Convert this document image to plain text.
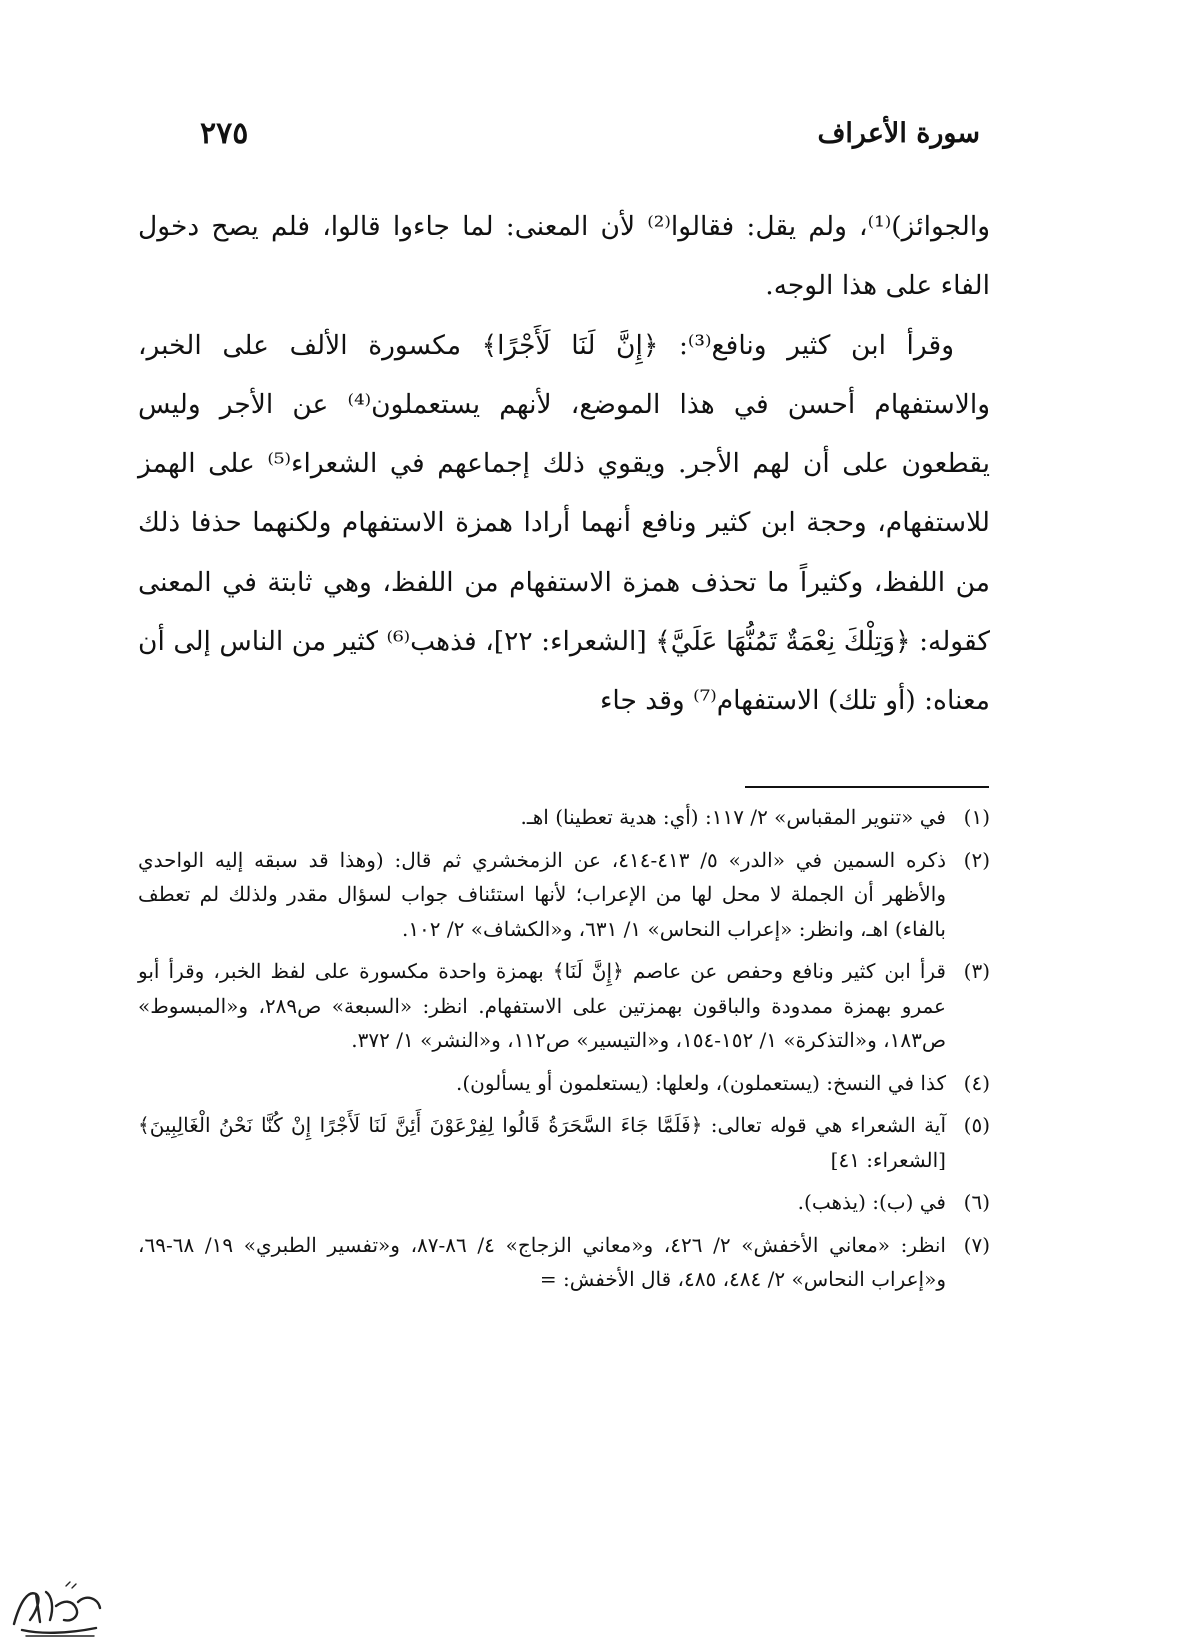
سورة الأعراف
٢٧٥

والجوائز)⁽¹⁾، ولم يقل: فقالوا⁽²⁾ لأن المعنى: لما جاءوا قالوا، فلم يصح دخول الفاء على هذا الوجه.

وقرأ ابن كثير ونافع⁽³⁾: ﴿إِنَّ لَنَا لَأَجْرًا﴾ مكسورة الألف على الخبر، والاستفهام أحسن في هذا الموضع، لأنهم يستعملون⁽⁴⁾ عن الأجر وليس يقطعون على أن لهم الأجر. ويقوي ذلك إجماعهم في الشعراء⁽⁵⁾ على الهمز للاستفهام، وحجة ابن كثير ونافع أنهما أرادا همزة الاستفهام ولكنهما حذفا ذلك من اللفظ، وكثيراً ما تحذف همزة الاستفهام من اللفظ، وهي ثابتة في المعنى كقوله: ﴿وَتِلْكَ نِعْمَةٌ تَمُنُّهَا عَلَيَّ﴾ [الشعراء: ٢٢]، فذهب⁽⁶⁾ كثير من الناس إلى أن معناه: (أو تلك) الاستفهام⁽⁷⁾ وقد جاء

(١)
في «تنوير المقباس» ٢/ ١١٧: (أي: هدية تعطينا) اهـ.
(٢)
ذكره السمين في «الدر» ٥/ ٤١٣-٤١٤، عن الزمخشري ثم قال: (وهذا قد سبقه إليه الواحدي والأظهر أن الجملة لا محل لها من الإعراب؛ لأنها استئناف جواب لسؤال مقدر ولذلك لم تعطف بالفاء) اهـ، وانظر: «إعراب النحاس» ١/ ٦٣١، و«الكشاف» ٢/ ١٠٢.
(٣)
قرأ ابن كثير ونافع وحفص عن عاصم ﴿إِنَّ لَنَا﴾ بهمزة واحدة مكسورة على لفظ الخبر، وقرأ أبو عمرو بهمزة ممدودة والباقون بهمزتين على الاستفهام. انظر: «السبعة» ص٢٨٩، و«المبسوط» ص١٨٣، و«التذكرة» ١/ ١٥٢-١٥٤، و«التيسير» ص١١٢، و«النشر» ١/ ٣٧٢.
(٤)
كذا في النسخ: (يستعملون)، ولعلها: (يستعلمون أو يسألون).
(٥)
آية الشعراء هي قوله تعالى: ﴿فَلَمَّا جَاءَ السَّحَرَةُ قَالُوا لِفِرْعَوْنَ أَئِنَّ لَنَا لَأَجْرًا إِنْ كُنَّا نَحْنُ الْغَالِبِينَ﴾ [الشعراء: ٤١]
(٦)
في (ب): (يذهب).
(٧)
انظر: «معاني الأخفش» ٢/ ٤٢٦، و«معاني الزجاج» ٤/ ٨٦-٨٧، و«تفسير الطبري» ١٩/ ٦٨-٦٩، و«إعراب النحاس» ٢/ ٤٨٤، ٤٨٥، قال الأخفش: =
